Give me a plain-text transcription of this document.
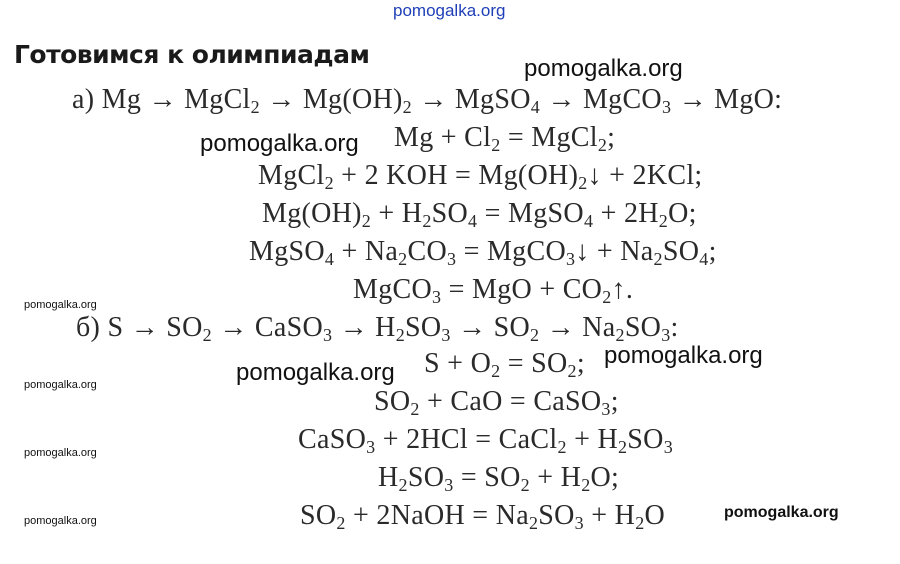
pomogalka.org
Готовимся к олимпиадам
а) Mg → MgCl$_2$ → $Mg(OH)_2$ → MgSO$_4$ → MgCO$_3$ → MgO:
$Mg + Cl_2$ = MgCl$_2$;
MgCl$_2$ + 2 KOH = $Mg(OH)_2↓ + 2KCl$;
$Mg(OH)_2 + H_2SO_4$ = MgSO$_4$ + $2H_2O$;
MgSO$_4$ + $Na_2CO_3$ = MgCO$_3$↓ + $Na_2SO_4$;
MgCO$_3$ = MgO + $CO_2↑$.
б) $S \to SO_2$ → CaSO$_3$ → $H_2SO_3 \to SO_2 \to Na_2SO_3$:
$S + O_2 = SO_2$;
$SO_2$ + CaO = CaSO$_3$;
CaSO$_3$ + 2HCl = CaCl$_2$ + $H_2SO_3$
$H_2SO_3 = SO_2 + H_2O$;
$SO_2$ + 2NaOH = $Na_2SO_3 + H_2O$
pomogalka.org
pomogalka.org
pomogalka.org
pomogalka.org
pomogalka.org
pomogalka.org
pomogalka.org
pomogalka.org
pomogalka.org
